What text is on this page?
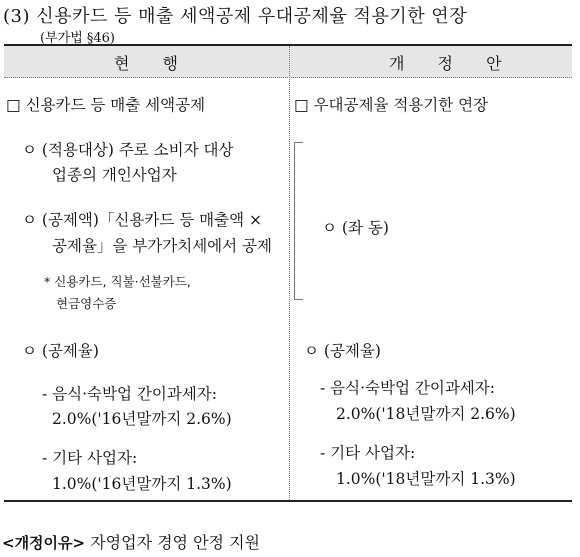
(3) 신용카드 등 매출 세액공제 우대공제율 적용기한 연장
(부가법 §46)
현 행	개 정 안
□ 신용카드 등 매출 세액공제
ㅇ (적용대상) 주로 소비자 대상
업종의 개인사업자
ㅇ (공제액)「신용카드 등 매출액 ×
공제율」을 부가가치세에서 공제
* 신용카드, 직불·선불카드,
현금영수증
ㅇ (공제율)
- 음식·숙박업 간이과세자:
2.0%('16년말까지 2.6%)
- 기타 사업자:
1.0%('16년말까지 1.3%)
□ 우대공제율 적용기한 연장
ㅇ (좌 동)
ㅇ (공제율)
- 음식·숙박업 간이과세자:
2.0%('18년말까지 2.6%)
- 기타 사업자:
1.0%('18년말까지 1.3%)
<개정이유> 자영업자 경영 안정 지원
